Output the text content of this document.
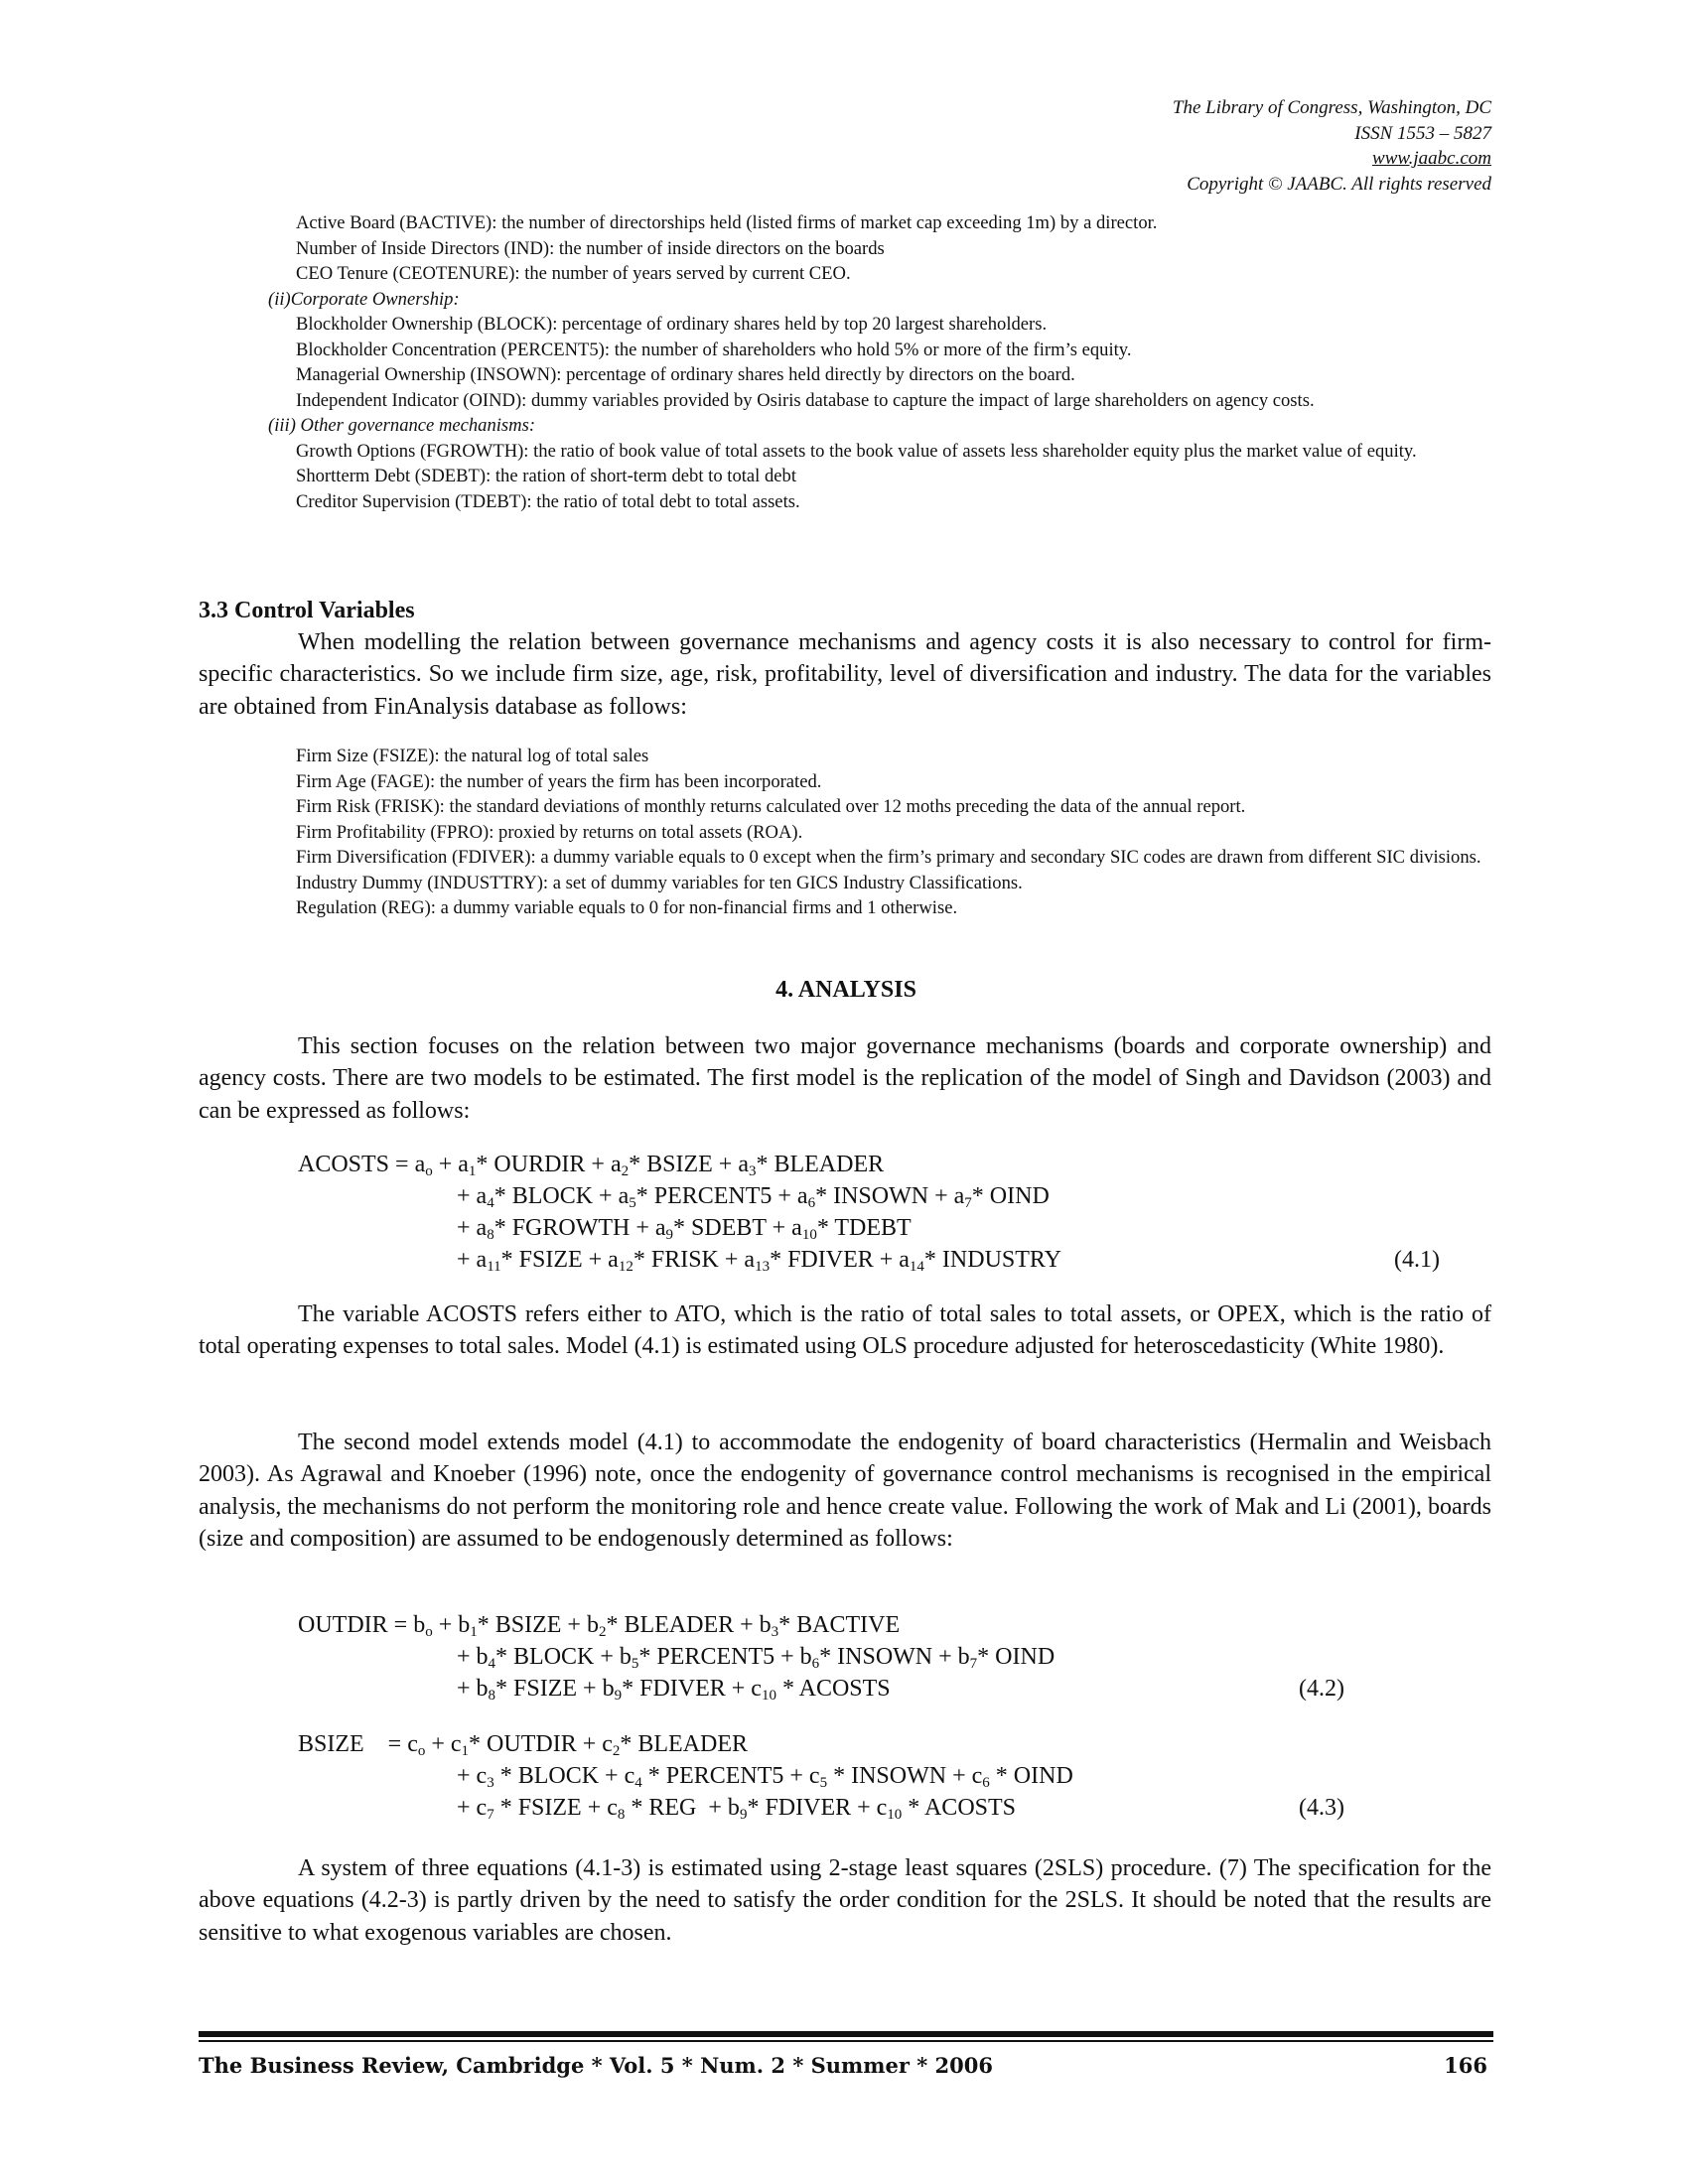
The Library of Congress, Washington, DC
ISSN 1553 – 5827
www.jaabc.com
Copyright © JAABC. All rights reserved

Active Board (BACTIVE): the number of directorships held (listed firms of market cap exceeding 1m) by a director.

Number of Inside Directors (IND): the number of inside directors on the boards

CEO Tenure (CEOTENURE): the number of years served by current CEO.

(ii)Corporate Ownership:

Blockholder Ownership (BLOCK): percentage of ordinary shares held by top 20 largest shareholders.

Blockholder Concentration (PERCENT5): the number of shareholders who hold 5% or more of the firm’s equity.

Managerial Ownership (INSOWN): percentage of ordinary shares held directly by directors on the board.

Independent Indicator (OIND): dummy variables provided by Osiris database to capture the impact of large shareholders on agency costs.

(iii) Other governance mechanisms:

Growth Options (FGROWTH): the ratio of book value of total assets to the book value of assets less shareholder equity plus the market value of equity.

Shortterm Debt (SDEBT): the ration of short-term debt to total debt

Creditor Supervision (TDEBT): the ratio of total debt to total assets.

3.3 Control Variables

When modelling the relation between governance mechanisms and agency costs it is also necessary to control for firm-specific characteristics. So we include firm size, age, risk, profitability, level of diversification and industry. The data for the variables are obtained from FinAnalysis database as follows:

Firm Size (FSIZE): the natural log of total sales

Firm Age (FAGE): the number of years the firm has been incorporated.

Firm Risk (FRISK): the standard deviations of monthly returns calculated over 12 moths preceding the data of the annual report.

Firm Profitability (FPRO): proxied by returns on total assets (ROA).

Firm Diversification (FDIVER): a dummy variable equals to 0 except when the firm’s primary and secondary SIC codes are drawn from different SIC divisions.

Industry Dummy (INDUSTTRY): a set of dummy variables for ten GICS Industry Classifications.

Regulation (REG): a dummy variable equals to 0 for non-financial firms and 1 otherwise.

4. ANALYSIS

This section focuses on the relation between two major governance mechanisms (boards and corporate ownership) and agency costs. There are two models to be estimated. The first model is the replication of the model of Singh and Davidson (2003) and can be expressed as follows:

ACOSTS = $a_o + a_1*$ OURDIR + $a_2*$ BSIZE + $a_3*$ BLEADER
+ $a_4*$ BLOCK + $a_5*$ PERCENT5 + $a_6*$ INSOWN + $a_7*$ OIND
+ $a_8*$ FGROWTH + $a_9*$ SDEBT + $a_{10}*$ TDEBT
+ $a_{11}*$ FSIZE + $a_{12}*$ FRISK + $a_{13}*$ FDIVER + $a_{14}*$ INDUSTRY	(4.1)

The variable ACOSTS refers either to ATO, which is the ratio of total sales to total assets, or OPEX, which is the ratio of total operating expenses to total sales. Model (4.1) is estimated using OLS procedure adjusted for heteroscedasticity (White 1980).

The second model extends model (4.1) to accommodate the endogenity of board characteristics (Hermalin and Weisbach 2003). As Agrawal and Knoeber (1996) note, once the endogenity of governance control mechanisms is recognised in the empirical analysis, the mechanisms do not perform the monitoring role and hence create value. Following the work of Mak and Li (2001), boards (size and composition) are assumed to be endogenously determined as follows:

OUTDIR = $b_o + b_1*$ BSIZE + $b_2*$ BLEADER + $b_3*$ BACTIVE
+ $b_4*$ BLOCK + $b_5*$ PERCENT5 + $b_6*$ INSOWN + $b_7*$ OIND
+ $b_8*$ FSIZE + $b_9*$ FDIVER + $c_{10}$ * ACOSTS	(4.2)
BSIZE    = $c_o + c_1*$ OUTDIR + $c_2*$ BLEADER
+ $c_3$ * BLOCK + $c_4$ * PERCENT5 + $c_5$ * INSOWN + $c_6$ * OIND
+ $c_7$ * FSIZE + $c_8$ * REG  + $b_9*$ FDIVER + $c_{10}$ * ACOSTS	(4.3)

A system of three equations (4.1-3) is estimated using 2-stage least squares (2SLS) procedure. (7) The specification for the above equations (4.2-3) is partly driven by the need to satisfy the order condition for the 2SLS. It should be noted that the results are sensitive to what exogenous variables are chosen.

The Business Review, Cambridge * Vol. 5 * Num. 2 * Summer * 2006	166
